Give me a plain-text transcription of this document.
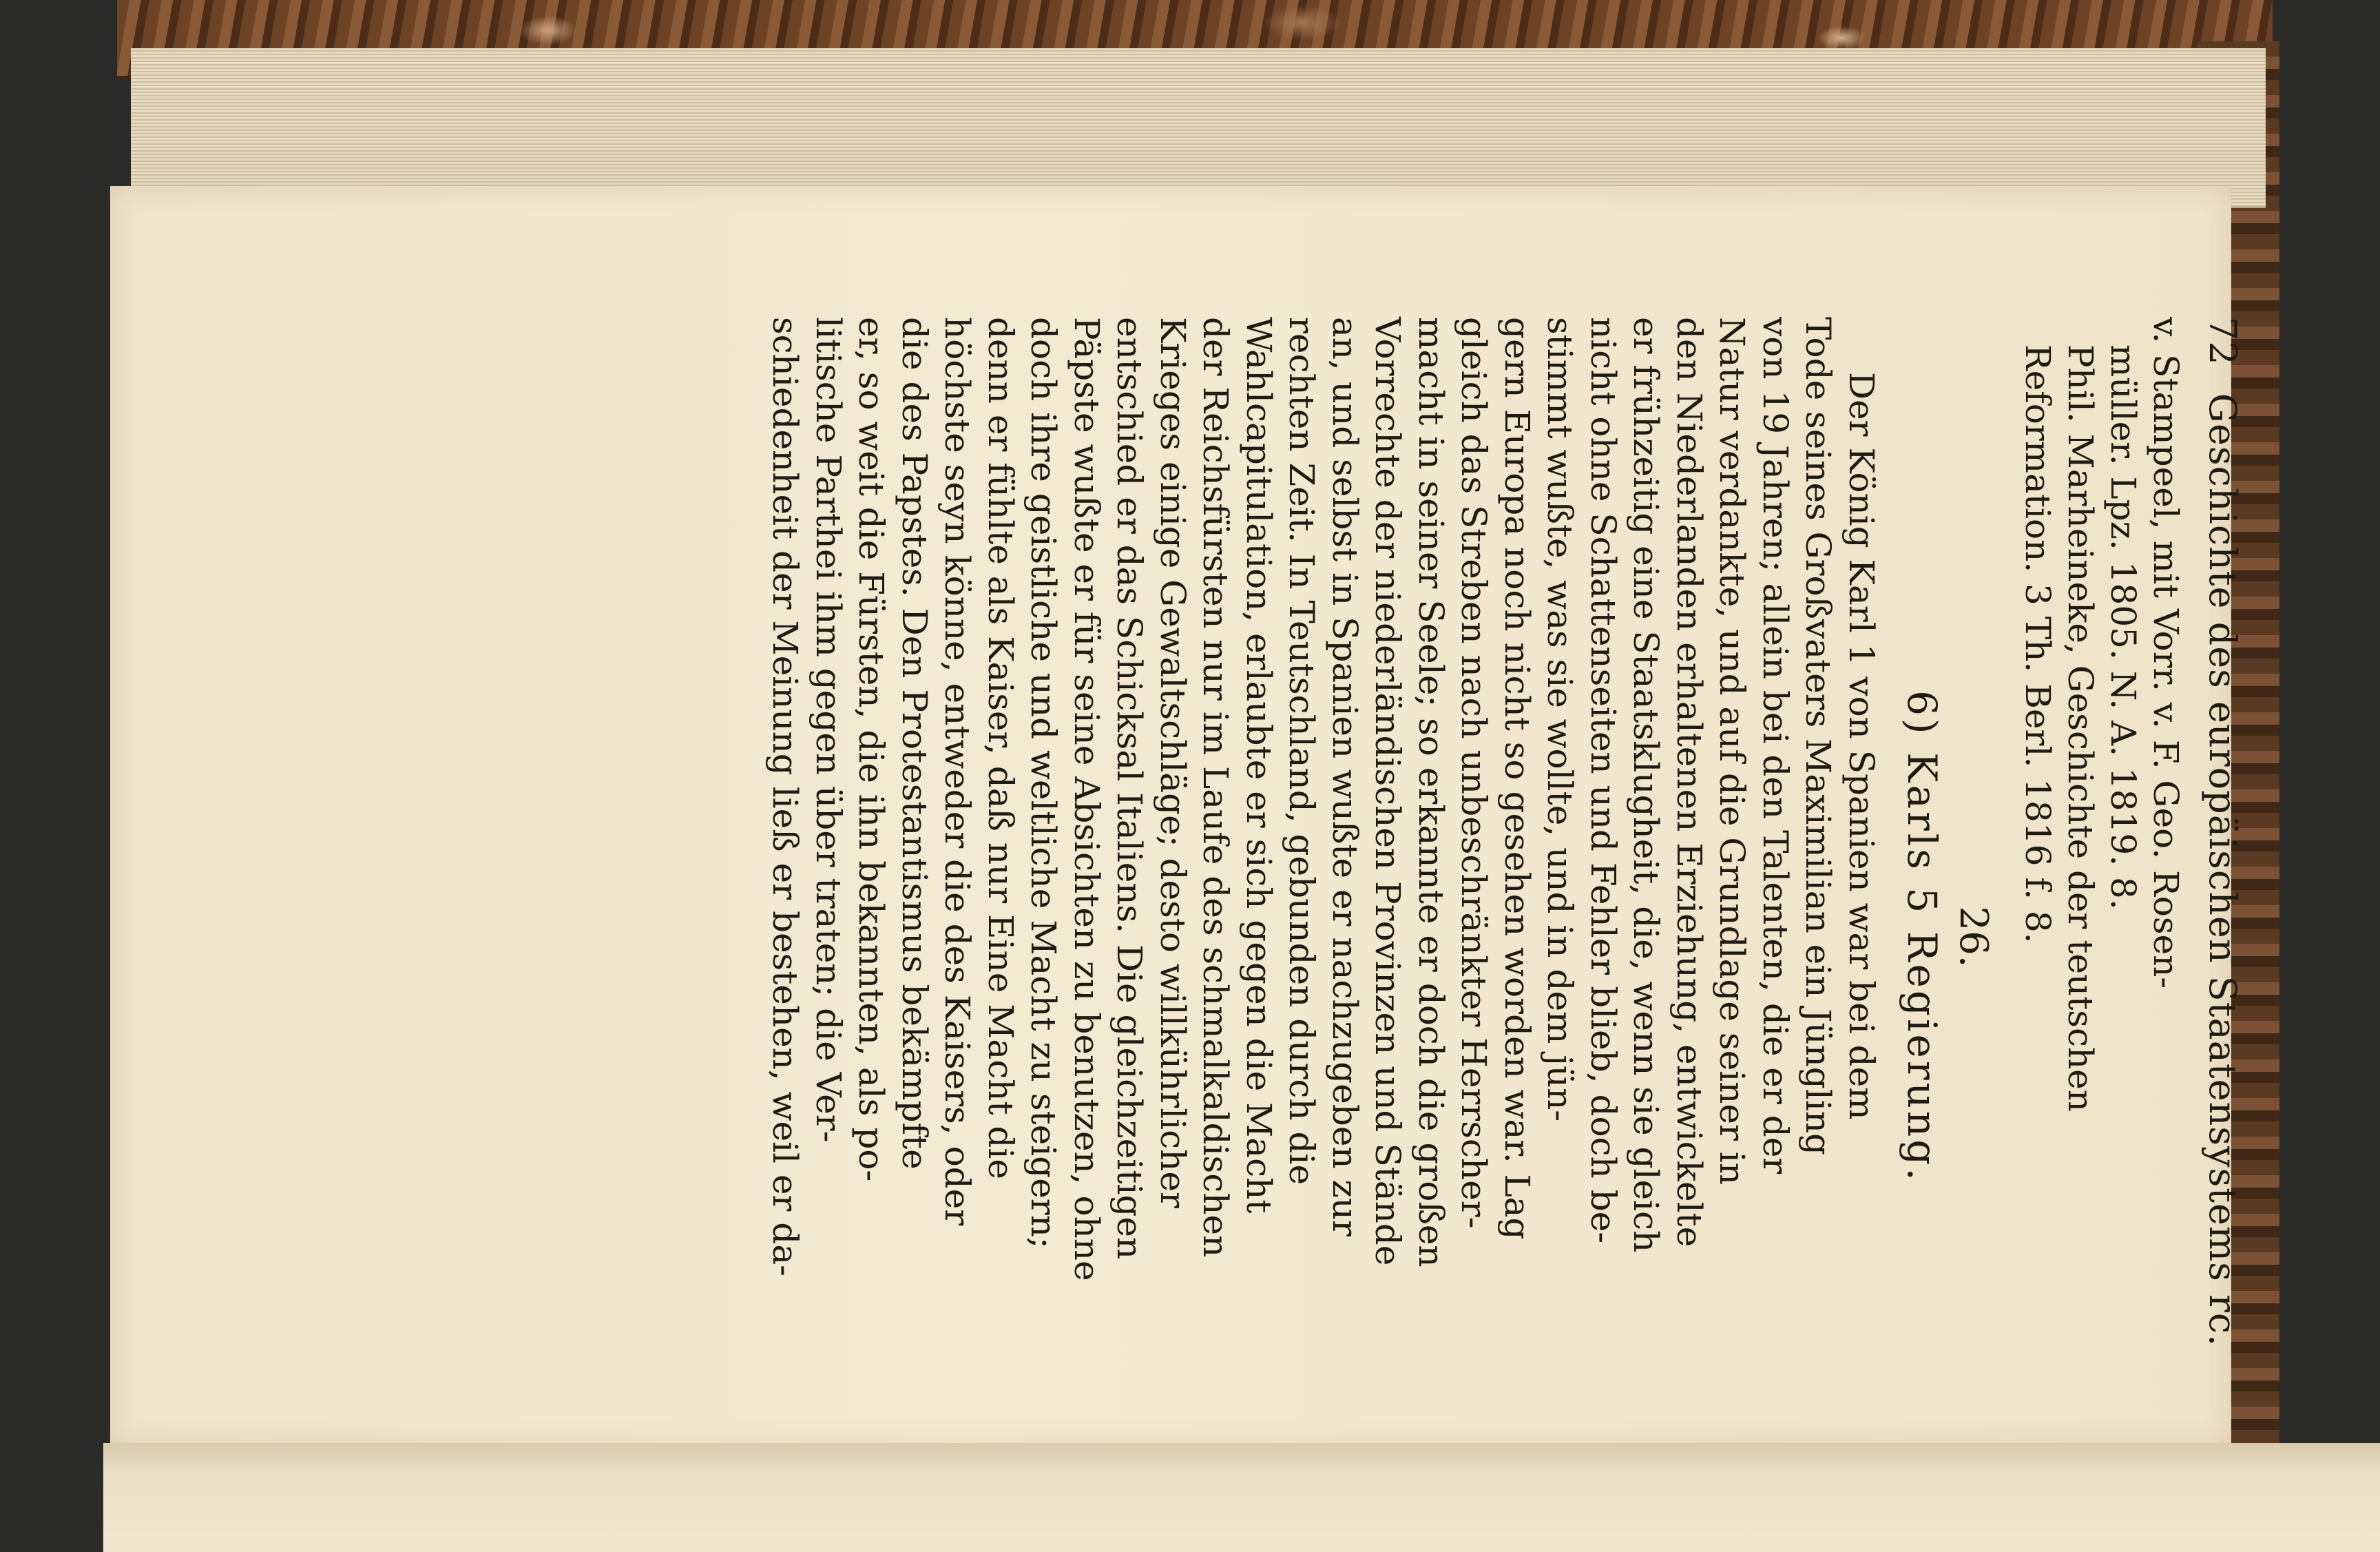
72
Geschichte des europäischen Staatensystems rc.

v. Stampeel, mit Vorr. v. F. Geo. Rosen-

müller. Lpz. 1805. N. A. 1819. 8.

Phil. Marheineke, Geschichte der teutschen

Reformation. 3 Th. Berl. 1816 f. 8.

26.
6) Karls 5 Regierung.

Der König Karl 1 von Spanien war bei dem

Tode seines Großvaters Maximilian ein Jüngling

von 19 Jahren; allein bei den Talenten, die er der

Natur verdankte, und auf die Grundlage seiner in

den Niederlanden erhaltenen Erziehung, entwickelte

er frühzeitig eine Staatsklugheit, die, wenn sie gleich

nicht ohne Schattenseiten und Fehler blieb, doch be-

stimmt wußte, was sie wollte, und in dem jün-

gern Europa noch nicht so gesehen worden war. Lag

gleich das Streben nach unbeschränkter Herrscher-

macht in seiner Seele; so erkannte er doch die großen

Vorrechte der niederländischen Provinzen und Stände

an, und selbst in Spanien wußte er nachzugeben zur

rechten Zeit. In Teutschland, gebunden durch die

Wahlcapitulation, erlaubte er sich gegen die Macht

der Reichsfürsten nur im Laufe des schmalkaldischen

Krieges einige Gewaltschläge; desto willkührlicher

entschied er das Schicksal Italiens. Die gleichzeitigen

Päpste wußte er für seine Absichten zu benutzen, ohne

doch ihre geistliche und weltliche Macht zu steigern;

denn er fühlte als Kaiser, daß nur Eine Macht die

höchste seyn könne, entweder die des Kaisers, oder

die des Papstes. Den Protestantismus bekämpfte

er, so weit die Fürsten, die ihn bekannten, als po-

litische Parthei ihm gegen über traten; die Ver-

schiedenheit der Meinung ließ er bestehen, weil er da-
